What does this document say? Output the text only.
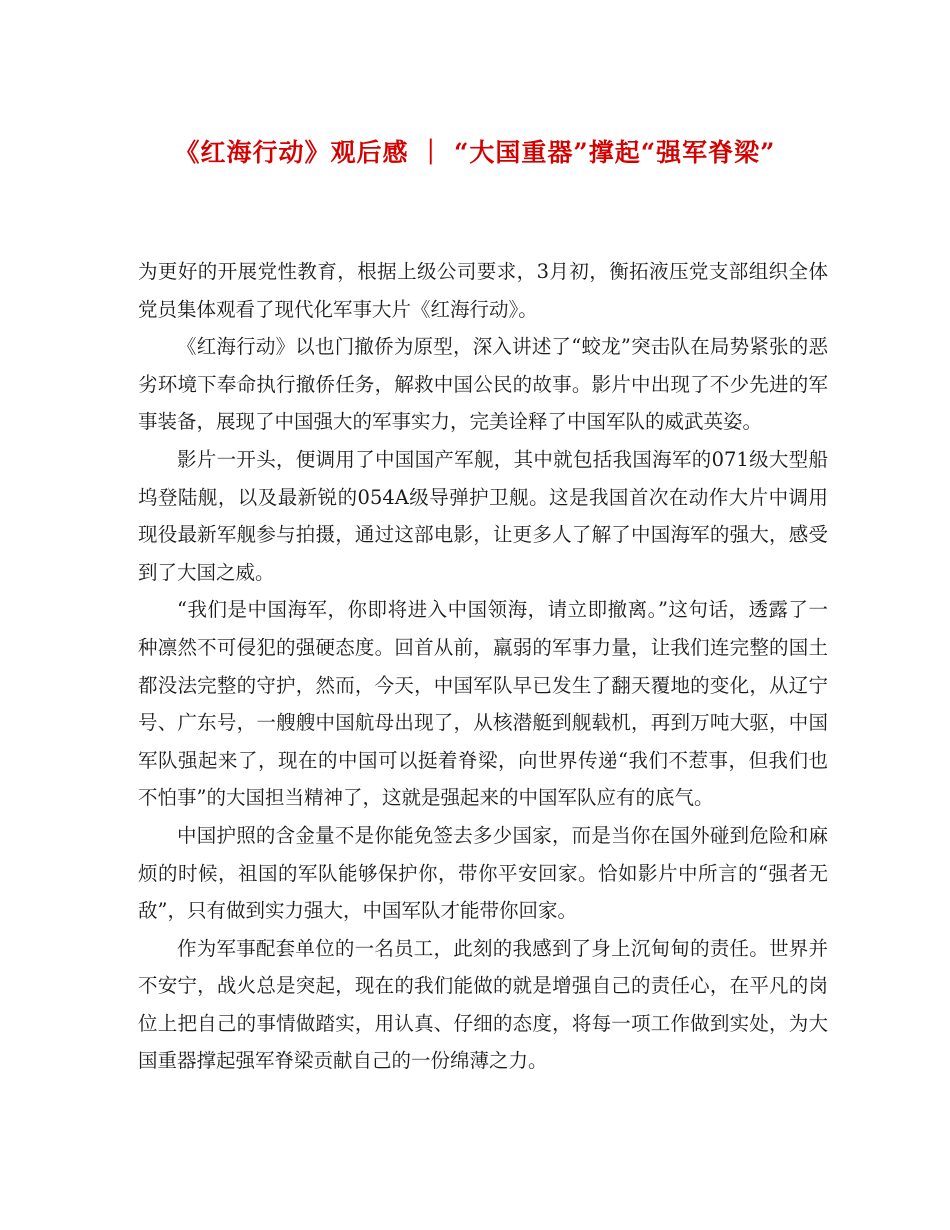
《红海行动》观后感 ｜ “大国重器”撑起“强军脊梁”

为更好的开展党性教育，根据上级公司要求，3月初，衡拓液压党支部组织全体党员集体观看了现代化军事大片《红海行动》。

《红海行动》以也门撤侨为原型，深入讲述了“蛟龙”突击队在局势紧张的恶劣环境下奉命执行撤侨任务，解救中国公民的故事。影片中出现了不少先进的军事装备，展现了中国强大的军事实力，完美诠释了中国军队的威武英姿。

影片一开头，便调用了中国国产军舰，其中就包括我国海军的071级大型船坞登陆舰，以及最新锐的054A级导弹护卫舰。这是我国首次在动作大片中调用现役最新军舰参与拍摄，通过这部电影，让更多人了解了中国海军的强大，感受到了大国之威。

“我们是中国海军，你即将进入中国领海，请立即撤离。”这句话，透露了一种凛然不可侵犯的强硬态度。回首从前，羸弱的军事力量，让我们连完整的国土都没法完整的守护，然而，今天，中国军队早已发生了翻天覆地的变化，从辽宁号、广东号，一艘艘中国航母出现了，从核潜艇到舰载机，再到万吨大驱，中国军队强起来了，现在的中国可以挺着脊梁，向世界传递“我们不惹事，但我们也不怕事”的大国担当精神了，这就是强起来的中国军队应有的底气。

中国护照的含金量不是你能免签去多少国家，而是当你在国外碰到危险和麻烦的时候，祖国的军队能够保护你，带你平安回家。恰如影片中所言的“强者无敌”，只有做到实力强大，中国军队才能带你回家。

作为军事配套单位的一名员工，此刻的我感到了身上沉甸甸的责任。世界并不安宁，战火总是突起，现在的我们能做的就是增强自己的责任心，在平凡的岗位上把自己的事情做踏实，用认真、仔细的态度，将每一项工作做到实处，为大国重器撑起强军脊梁贡献自己的一份绵薄之力。
